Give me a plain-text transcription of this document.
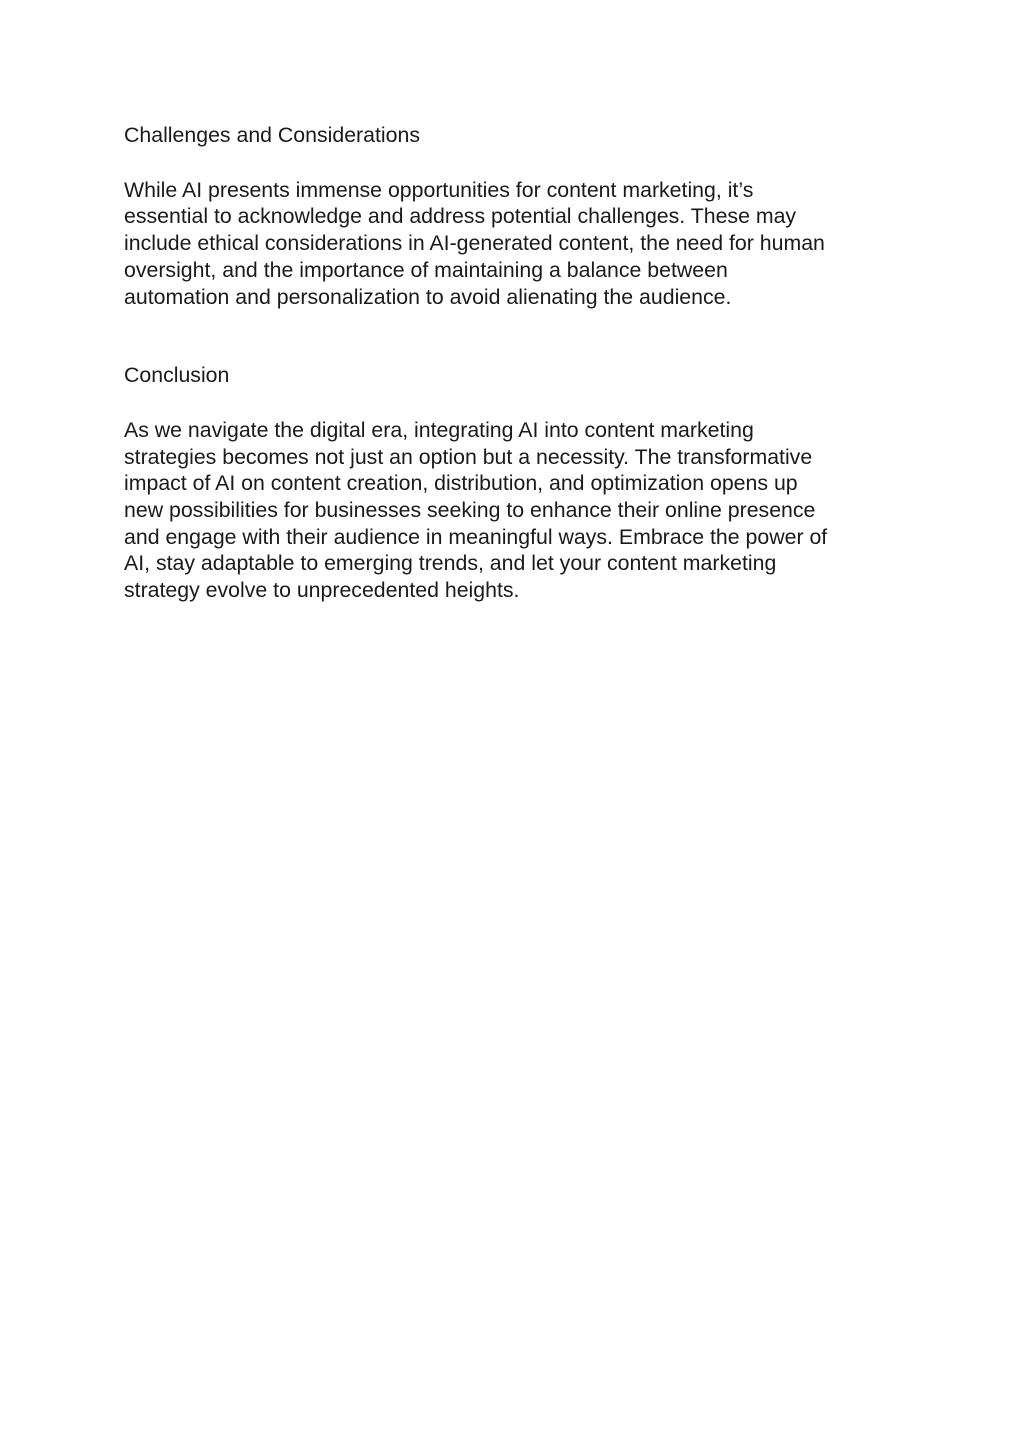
Challenges and Considerations

While AI presents immense opportunities for content marketing, it’s
essential to acknowledge and address potential challenges. These may
include ethical considerations in AI-generated content, the need for human
oversight, and the importance of maintaining a balance between
automation and personalization to avoid alienating the audience.

Conclusion

As we navigate the digital era, integrating AI into content marketing
strategies becomes not just an option but a necessity. The transformative
impact of AI on content creation, distribution, and optimization opens up
new possibilities for businesses seeking to enhance their online presence
and engage with their audience in meaningful ways. Embrace the power of
AI, stay adaptable to emerging trends, and let your content marketing
strategy evolve to unprecedented heights.
